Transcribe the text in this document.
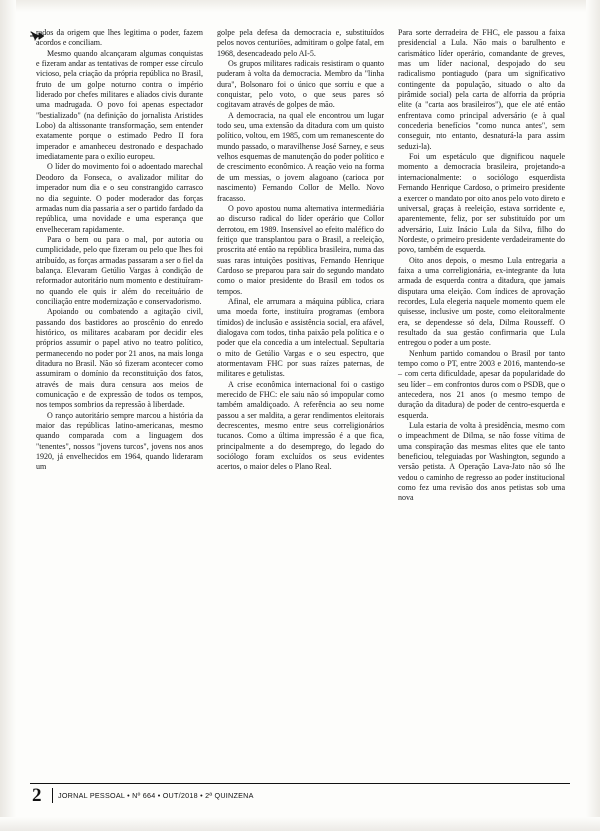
rados da origem que lhes legitima o poder, fazem acordos e conciliam.

Mesmo quando alcançaram algumas conquistas e fizeram andar as tentativas de romper esse círculo vicioso, pela criação da própria república no Brasil, fruto de um golpe noturno contra o império liderado por chefes militares e aliados civis durante uma madrugada. O povo foi apenas espectador "bestializado" (na definição do jornalista Aristides Lobo) da altissonante transformação, sem entender exatamente porque o estimado Pedro II fora imperador e amanheceu destronado e despachado imediatamente para o exílio europeu.

O líder do movimento foi o adoentado marechal Deodoro da Fonseca, o avalizador militar do imperador num dia e o seu constrangido carrasco no dia seguinte. O poder moderador das forças armadas num dia passaria a ser o partido fardado da república, uma novidade e uma esperança que envelheceram rapidamente.

Para o bem ou para o mal, por autoria ou cumplicidade, pelo que fizeram ou pelo que lhes foi atribuído, as forças armadas passaram a ser o fiel da balança. Elevaram Getúlio Vargas à condição de reformador autoritário num momento e destituíram-no quando ele quis ir além do receituário de conciliação entre modernização e conservadorismo.

Apoiando ou combatendo a agitação civil, passando dos bastidores ao proscênio do enredo histórico, os militares acabaram por decidir eles próprios assumir o papel ativo no teatro político, permanecendo no poder por 21 anos, na mais longa ditadura no Brasil. Não só fizeram acontecer como assumiram o domínio da reconstituição dos fatos, através de mais dura censura aos meios de comunicação e de expressão de todos os tempos, nos tempos sombrios da repressão à liberdade.

O ranço autoritário sempre marcou a história da maior das repúblicas latino-americanas, mesmo quando comparada com a linguagem dos "tenentes", nossos "jovens turcos", jovens nos anos 1920, já envelhecidos em 1964, quando lideraram um

golpe pela defesa da democracia e, substituídos pelos novos centuriões, admitiram o golpe fatal, em 1968, desencadeado pelo AI-5.

Os grupos militares radicais resistiram o quanto puderam à volta da democracia. Membro da "linha dura", Bolsonaro foi o único que sorriu e que a conquistar, pelo voto, o que seus pares só cogitavam através de golpes de mão.

A democracia, na qual ele encontrou um lugar todo seu, uma extensão da ditadura com um quisto político, voltou, em 1985, com um remanescente do mundo passado, o maravilhense José Sarney, e seus velhos esquemas de manutenção do poder político e de crescimento econômico. A reação veio na forma de um messias, o jovem alagoano (carioca por nascimento) Fernando Collor de Mello. Novo fracasso.

O povo apostou numa alternativa intermediária ao discurso radical do líder operário que Collor derrotou, em 1989. Insensível ao efeito maléfico do feitiço que transplantou para o Brasil, a reeleição, proscrita até então na república brasileira, numa das suas raras intuições positivas, Fernando Henrique Cardoso se preparou para sair do segundo mandato como o maior presidente do Brasil em todos os tempos.

Afinal, ele arrumara a máquina pública, criara uma moeda forte, instituíra programas (embora tímidos) de inclusão e assistência social, era afável, dialogava com todos, tinha paixão pela política e o poder que ela concedia a um intelectual. Sepultaria o mito de Getúlio Vargas e o seu espectro, que atormentavam FHC por suas raízes paternas, de militares e getulistas.

A crise econômica internacional foi o castigo merecido de FHC: ele saiu não só impopular como também amaldiçoado. A referência ao seu nome passou a ser maldita, a gerar rendimentos eleitorais decrescentes, mesmo entre seus correligionários tucanos. Como a última impressão é a que fica, principalmente a do desemprego, do legado do sociólogo foram excluídos os seus evidentes acertos, o maior deles o Plano Real.

Para sorte derradeira de FHC, ele passou a faixa presidencial a Lula. Não mais o barulhento e carismático líder operário, comandante de greves, mas um líder nacional, despojado do seu radicalismo pontiagudo (para um significativo contingente da população, situado o alto da pirâmide social) pela carta de alforria da própria elite (a "carta aos brasileiros"), que ele até então enfrentava como principal adversário (e à qual concederia benefícios "como nunca antes", sem conseguir, nto entanto, desnaturá-la para assim seduzi-la).

Foi um espetáculo que dignificou naquele momento a democracia brasileira, projetando-a internacionalmente: o sociólogo esquerdista Fernando Henrique Cardoso, o primeiro presidente a exercer o mandato por oito anos pelo voto direto e universal, graças à reeleição, estava sorridente e, aparentemente, feliz, por ser substituído por um adversário, Luiz Inácio Lula da Silva, filho do Nordeste, o primeiro presidente verdadeiramente do povo, também de esquerda.

Oito anos depois, o mesmo Lula entregaria a faixa a uma correligionária, ex-integrante da luta armada de esquerda contra a ditadura, que jamais disputara uma eleição. Com índices de aprovação recordes, Lula elegeria naquele momento quem ele quisesse, inclusive um poste, como eleitoralmente era, se dependesse só dela, Dilma Rousseff. O resultado da sua gestão confirmaria que Lula entregou o poder a um poste.

Nenhum partido comandou o Brasil por tanto tempo como o PT, entre 2003 e 2016, mantendo-se – com certa dificuldade, apesar da popularidade do seu líder – em confrontos duros com o PSDB, que o antecedera, nos 21 anos (o mesmo tempo de duração da ditadura) de poder de centro-esquerda e esquerda.

Lula estaria de volta à presidência, mesmo com o impeachment de Dilma, se não fosse vítima de uma conspiração das mesmas elites que ele tanto beneficiou, teleguiadas por Washington, segundo a versão petista. A Operação Lava-Jato não só lhe vedou o caminho de regresso ao poder institucional como fez uma revisão dos anos petistas sob uma nova

2 JORNAL PESSOAL • Nº 664 • OUT/2018 • 2ª QUINZENA
